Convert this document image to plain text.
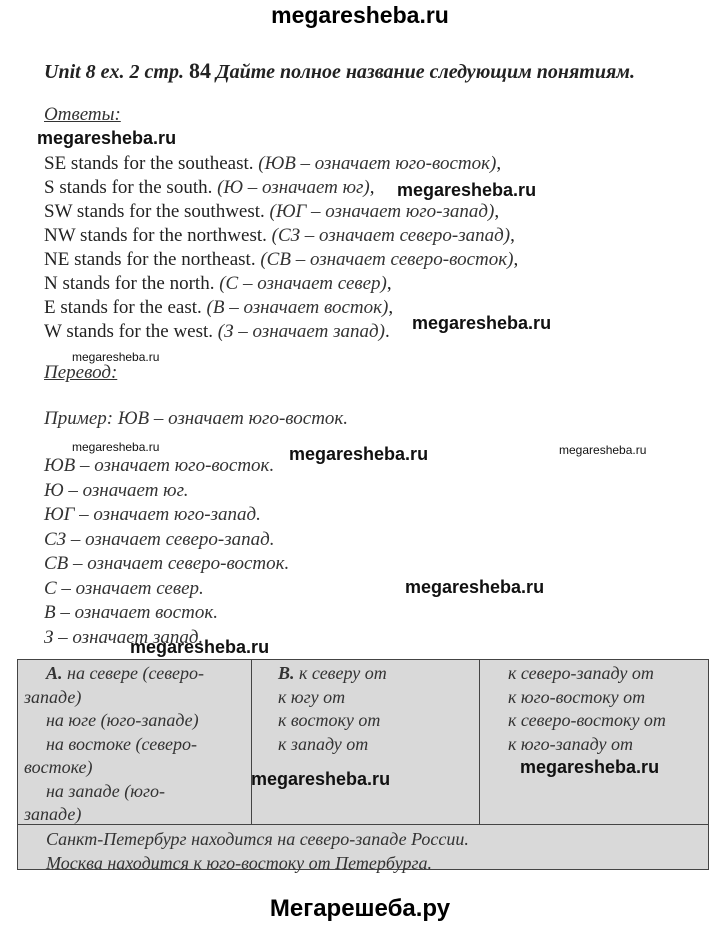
megaresheba.ru
Unit 8 ex. 2 стр. 84 Дайте полное название следующим понятиям.
Ответы:
SE stands for the southeast. (ЮВ – означает юго-восток),
S stands for the south. (Ю – означает юг),
SW stands for the southwest. (ЮГ – означает юго-запад),
NW stands for the northwest. (СЗ – означает северо-запад),
NE stands for the northeast. (СВ – означает северо-восток),
N stands for the north. (С – означает север),
E stands for the east. (В – означает восток),
W stands for the west. (З – означает запад).
Перевод:
Пример: ЮВ – означает юго-восток.
ЮВ – означает юго-восток.
Ю – означает юг.
ЮГ – означает юго-запад.
СЗ – означает северо-запад.
СВ – означает северо-восток.
С – означает север.
В – означает восток.
З – означает запад.
А. на севере (северо-
западе)
на юге (юго-западе)
на востоке (северо-
востоке)
на западе (юго-
западе)
В. к северу от
к югу от
к востоку от
к западу от
к северо-западу от
к юго-востоку от
к северо-востоку от
к юго-западу от
Санкт-Петербург находится на северо-западе России.
Москва находится к юго-востоку от Петербурга.
megaresheba.ru
megaresheba.ru
megaresheba.ru
megaresheba.ru
megaresheba.ru	megaresheba.ru	megaresheba.ru
megaresheba.ru
megaresheba.ru
megaresheba.ru
megaresheba.ru
Мегарешеба.ру
